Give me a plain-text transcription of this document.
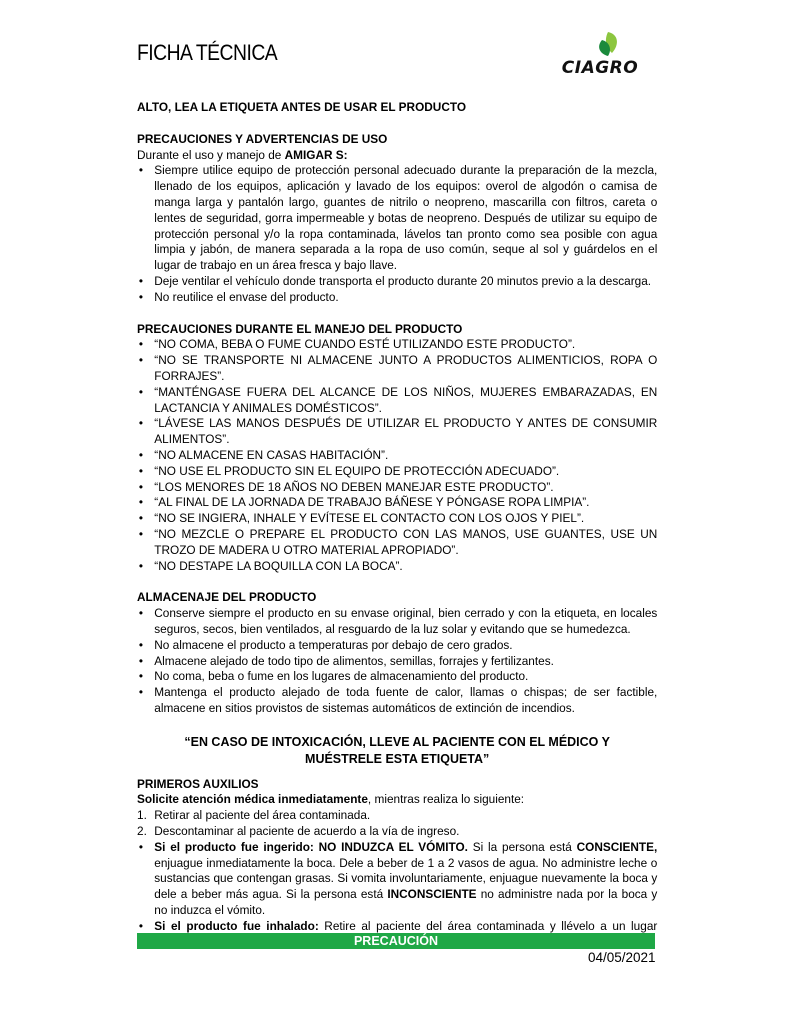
FICHA TÉCNICA
CIAGRO

ALTO, LEA LA ETIQUETA ANTES DE USAR EL PRODUCTO

PRECAUCIONES Y ADVERTENCIAS DE USO

Durante el uso y manejo de AMIGAR S:

• Siempre utilice equipo de protección personal adecuado durante la preparación de la mezcla, llenado de los equipos, aplicación y lavado de los equipos: overol de algodón o camisa de manga larga y pantalón largo, guantes de nitrilo o neopreno, mascarilla con filtros, careta o lentes de seguridad, gorra impermeable y botas de neopreno. Después de utilizar su equipo de protección personal y/o la ropa contaminada, lávelos tan pronto como sea posible con agua limpia y jabón, de manera separada a la ropa de uso común, seque al sol y guárdelos en el lugar de trabajo en un área fresca y bajo llave.
• Deje ventilar el vehículo donde transporta el producto durante 20 minutos previo a la descarga.
• No reutilice el envase del producto.

PRECAUCIONES DURANTE EL MANEJO DEL PRODUCTO

• “NO COMA, BEBA O FUME CUANDO ESTÉ UTILIZANDO ESTE PRODUCTO”.
• “NO SE TRANSPORTE NI ALMACENE JUNTO A PRODUCTOS ALIMENTICIOS, ROPA O FORRAJES”.
• “MANTÉNGASE FUERA DEL ALCANCE DE LOS NIÑOS, MUJERES EMBARAZADAS, EN LACTANCIA Y ANIMALES DOMÉSTICOS”.
• “LÁVESE LAS MANOS DESPUÉS DE UTILIZAR EL PRODUCTO Y ANTES DE CONSUMIR ALIMENTOS”.
• “NO ALMACENE EN CASAS HABITACIÓN”.
• “NO USE EL PRODUCTO SIN EL EQUIPO DE PROTECCIÓN ADECUADO”.
• “LOS MENORES DE 18 AÑOS NO DEBEN MANEJAR ESTE PRODUCTO”.
• “AL FINAL DE LA JORNADA DE TRABAJO BÁÑESE Y PÓNGASE ROPA LIMPIA”.
• “NO SE INGIERA, INHALE Y EVÍTESE EL CONTACTO CON LOS OJOS Y PIEL”.
• “NO MEZCLE O PREPARE EL PRODUCTO CON LAS MANOS, USE GUANTES, USE UN TROZO DE MADERA U OTRO MATERIAL APROPIADO”.
• “NO DESTAPE LA BOQUILLA CON LA BOCA”.

ALMACENAJE DEL PRODUCTO

• Conserve siempre el producto en su envase original, bien cerrado y con la etiqueta, en locales seguros, secos, bien ventilados, al resguardo de la luz solar y evitando que se humedezca.
• No almacene el producto a temperaturas por debajo de cero grados.
• Almacene alejado de todo tipo de alimentos, semillas, forrajes y fertilizantes.
• No coma, beba o fume en los lugares de almacenamiento del producto.
• Mantenga el producto alejado de toda fuente de calor, llamas o chispas; de ser factible, almacene en sitios provistos de sistemas automáticos de extinción de incendios.

“EN CASO DE INTOXICACIÓN, LLEVE AL PACIENTE CON EL MÉDICO Y MUÉSTRELE ESTA ETIQUETA”

PRIMEROS AUXILIOS

Solicite atención médica inmediatamente, mientras realiza lo siguiente:

1. Retirar al paciente del área contaminada.
2. Descontaminar al paciente de acuerdo a la vía de ingreso.
• Si el producto fue ingerido: NO INDUZCA EL VÓMITO. Si la persona está CONSCIENTE, enjuague inmediatamente la boca. Dele a beber de 1 a 2 vasos de agua. No administre leche o sustancias que contengan grasas. Si vomita involuntariamente, enjuague nuevamente la boca y dele a beber más agua. Si la persona está INCONSCIENTE no administre nada por la boca y no induzca el vómito.
• Si el producto fue inhalado: Retire al paciente del área contaminada y llévelo a un lugar
PRECAUCIÓN
04/05/2021
